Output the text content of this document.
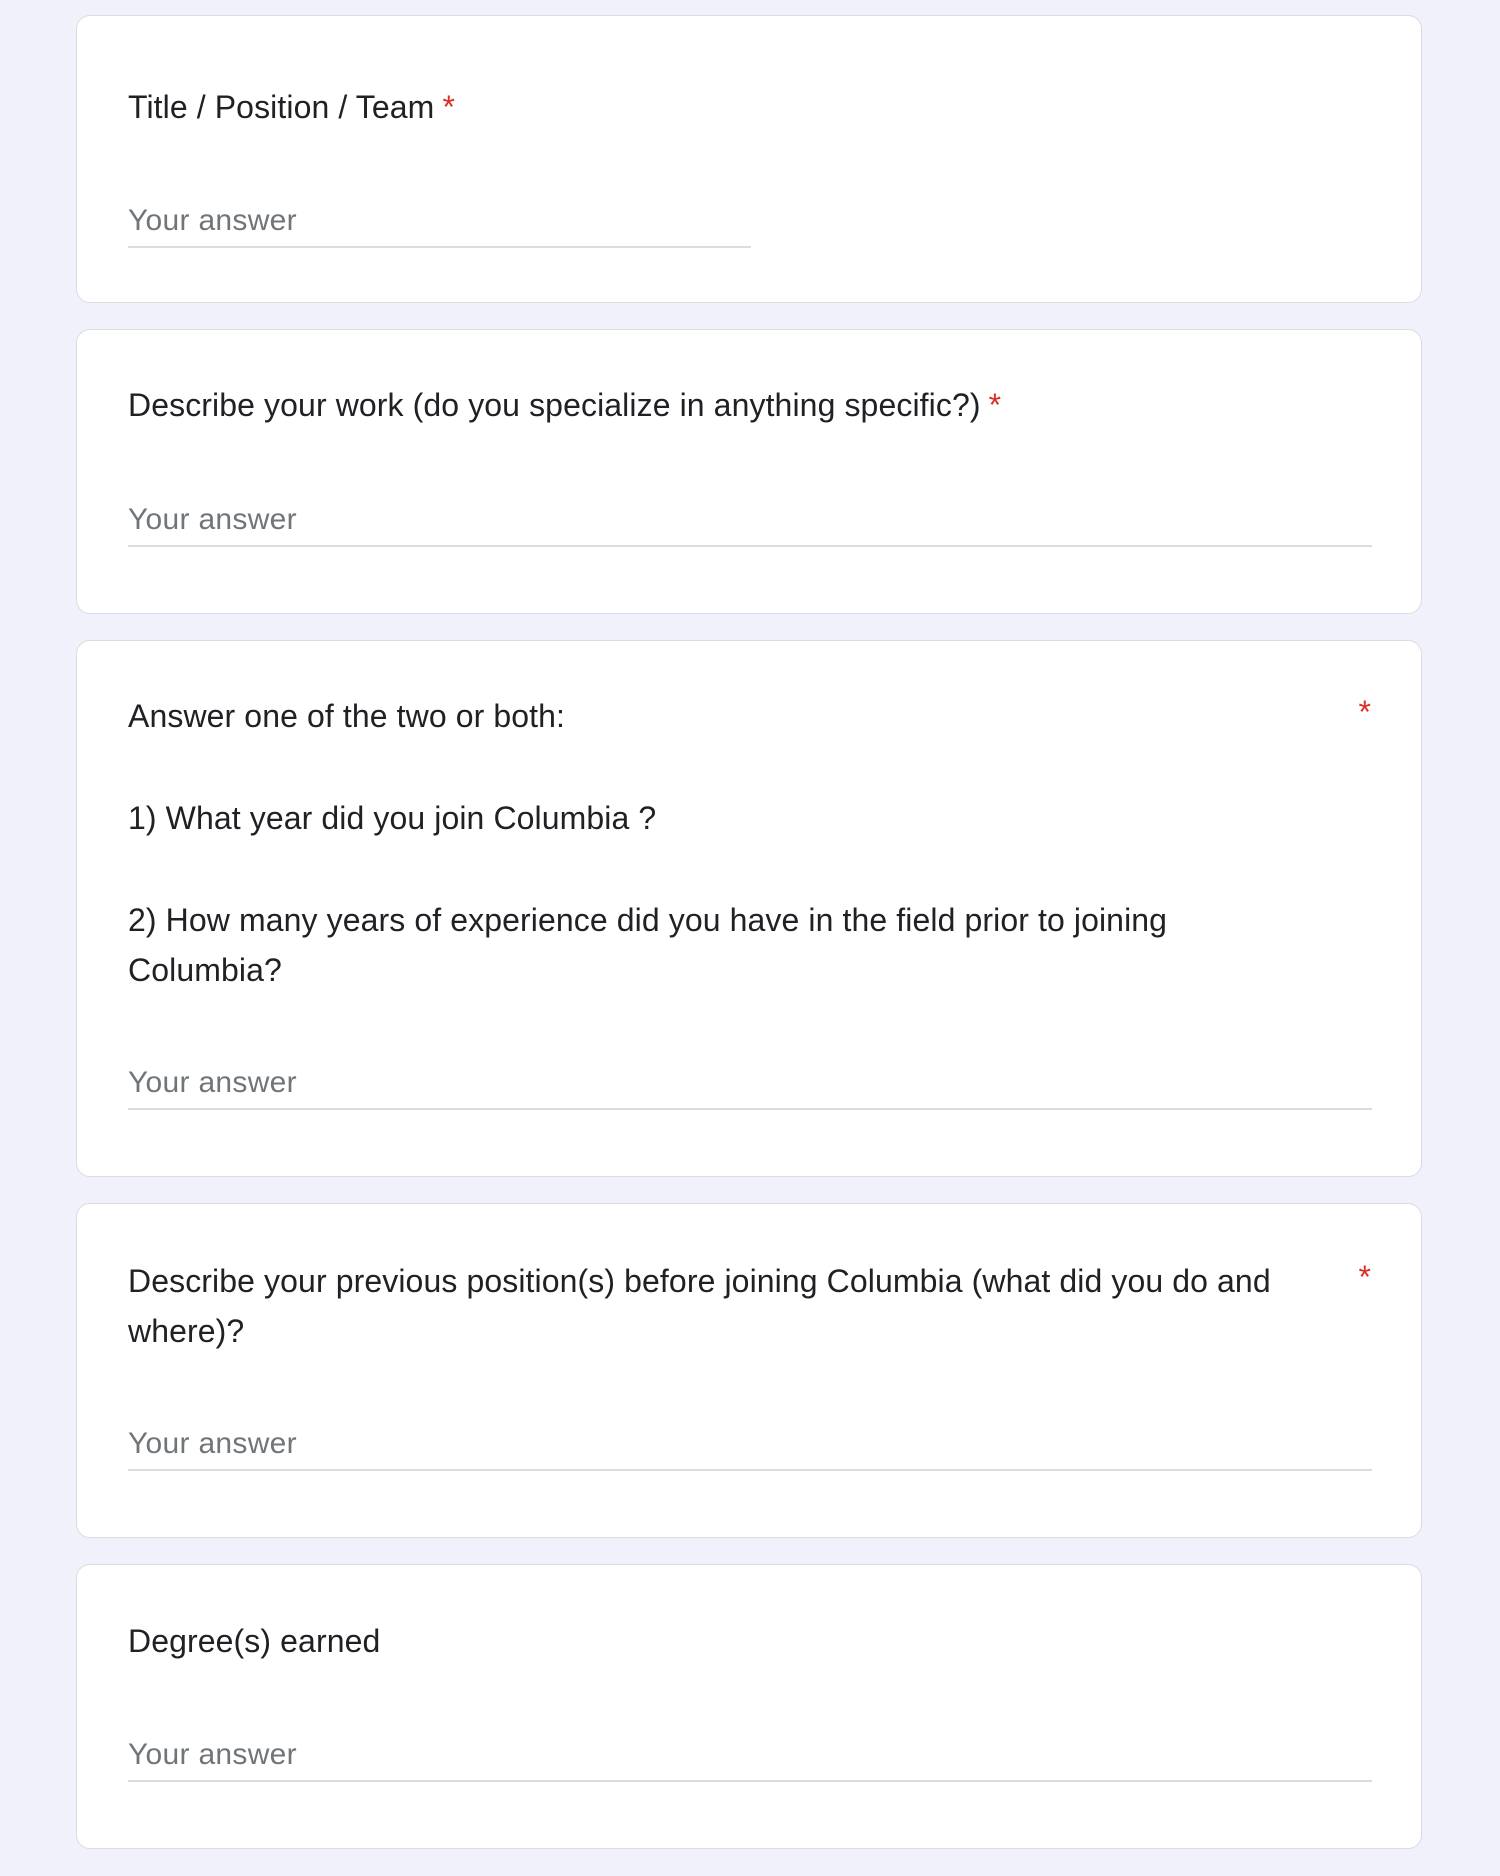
Title / Position / Team *
Your answer
Describe your work (do you specialize in anything specific?) *
Your answer
Answer one of the two or both:
1) What year did you join Columbia ?
2) How many years of experience did you have in the field prior to joining Columbia?
*
Your answer
Describe your previous position(s) before joining Columbia (what did you do and where)?
*
Your answer
Degree(s) earned
Your answer
